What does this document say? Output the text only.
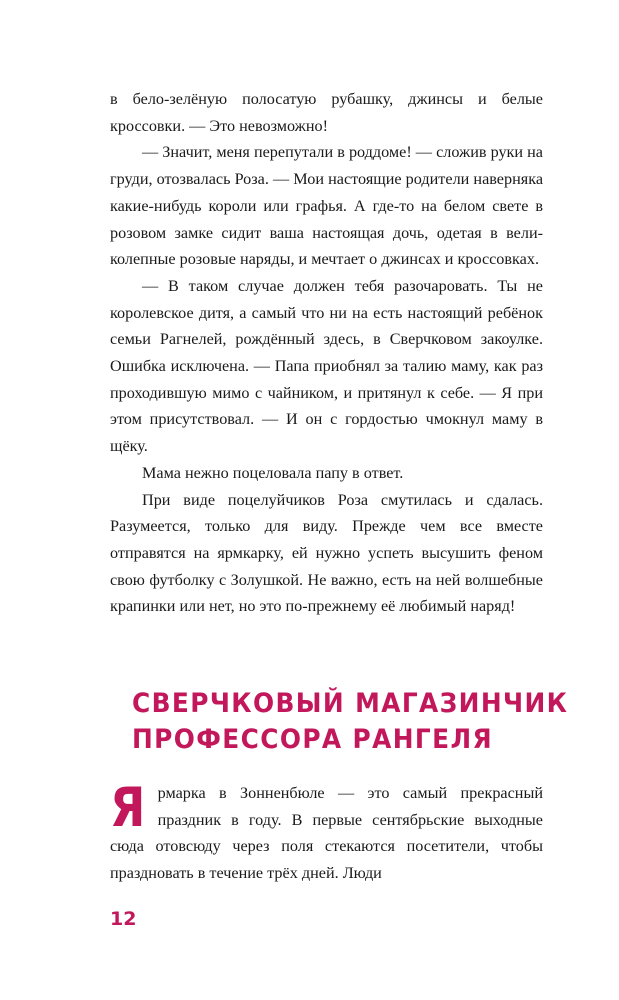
в бело-зелёную полосатую рубашку, джинсы и белые кроссовки. — Это невозможно!

— Значит, меня перепутали в роддоме! — сложив руки на груди, отозвалась Роза. — Мои настоящие родители наверняка какие-нибудь короли или графья. А где-то на белом свете в розовом замке сидит ваша настоящая дочь, одетая в великолепные розовые наряды, и мечтает о джинсах и кроссовках.

— В таком случае должен тебя разочаровать. Ты не королевское дитя, а самый что ни на есть настоящий ребёнок семьи Рагнелей, рождённый здесь, в Сверчковом закоулке. Ошибка исключена. — Папа приобнял за талию маму, как раз проходившую мимо с чайником, и притянул к себе. — Я при этом присутствовал. — И он с гордостью чмокнул маму в щёку.

Мама нежно поцеловала папу в ответ.

При виде поцелуйчиков Роза смутилась и сдалась. Разумеется, только для виду. Прежде чем все вместе отправятся на ярмкарку, ей нужно успеть высушить феном свою футболку с Золушкой. Не важно, есть на ней волшебные крапинки или нет, но это по-прежнему её любимый наряд!

СВЕРЧКОВЫЙ МАГАЗИНЧИК
ПРОФЕССОРА РАНГЕЛЯ
Я рмарка в Зонненбюле — это самый прекрасный праздник в году. В первые сентябрьские выходные сюда отовсюду через поля стекаются посетители, чтобы праздновать в течение трёх дней. Люди

12
